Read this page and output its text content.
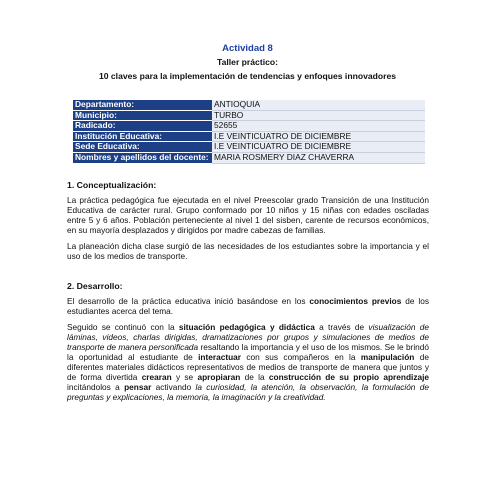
Actividad 8
Taller práctico:
10 claves para la implementación de tendencias y enfoques innovadores
Departamento:	ANTIOQUIA
Municipio:	TURBO
Radicado:	52655
Institución Educativa:	I.E VEINTICUATRO DE DICIEMBRE
Sede Educativa:	I.E VEINTICUATRO DE DICIEMBRE
Nombres y apellidos del docente:	MARIA ROSMERY DIAZ CHAVERRA
1. Conceptualización:

La práctica pedagógica fue ejecutada en el nivel Preescolar grado Transición de una Institución Educativa de carácter rural. Grupo conformado por 10 niños y 15 niñas con edades osciladas entre 5 y 6 años. Población perteneciente al nivel 1 del sisben, carente de recursos económicos, en su mayoría desplazados y dirigidos por madre cabezas de familias.

La planeación dicha clase surgió de las necesidades de los estudiantes sobre la importancia y el uso de los medios de transporte.

2. Desarrollo:

El desarrollo de la práctica educativa inició basándose en los conocimientos previos de los estudiantes acerca del tema.

Seguido se continuó con la situación pedagógica y didáctica a través de visualización de láminas, videos, charlas dirigidas, dramatizaciones por grupos y simulaciones de medios de transporte de manera personificada resaltando la importancia y el uso de los mismos. Se le brindó la oportunidad al estudiante de interactuar con sus compañeros en la manipulación de diferentes materiales didácticos representativos de medios de transporte de manera que juntos y de forma divertida crearan y se apropiaran de la construcción de su propio aprendizaje incitándolos a pensar activando la curiosidad, la atención, la observación, la formulación de preguntas y explicaciones, la memoria, la imaginación y la creatividad.
